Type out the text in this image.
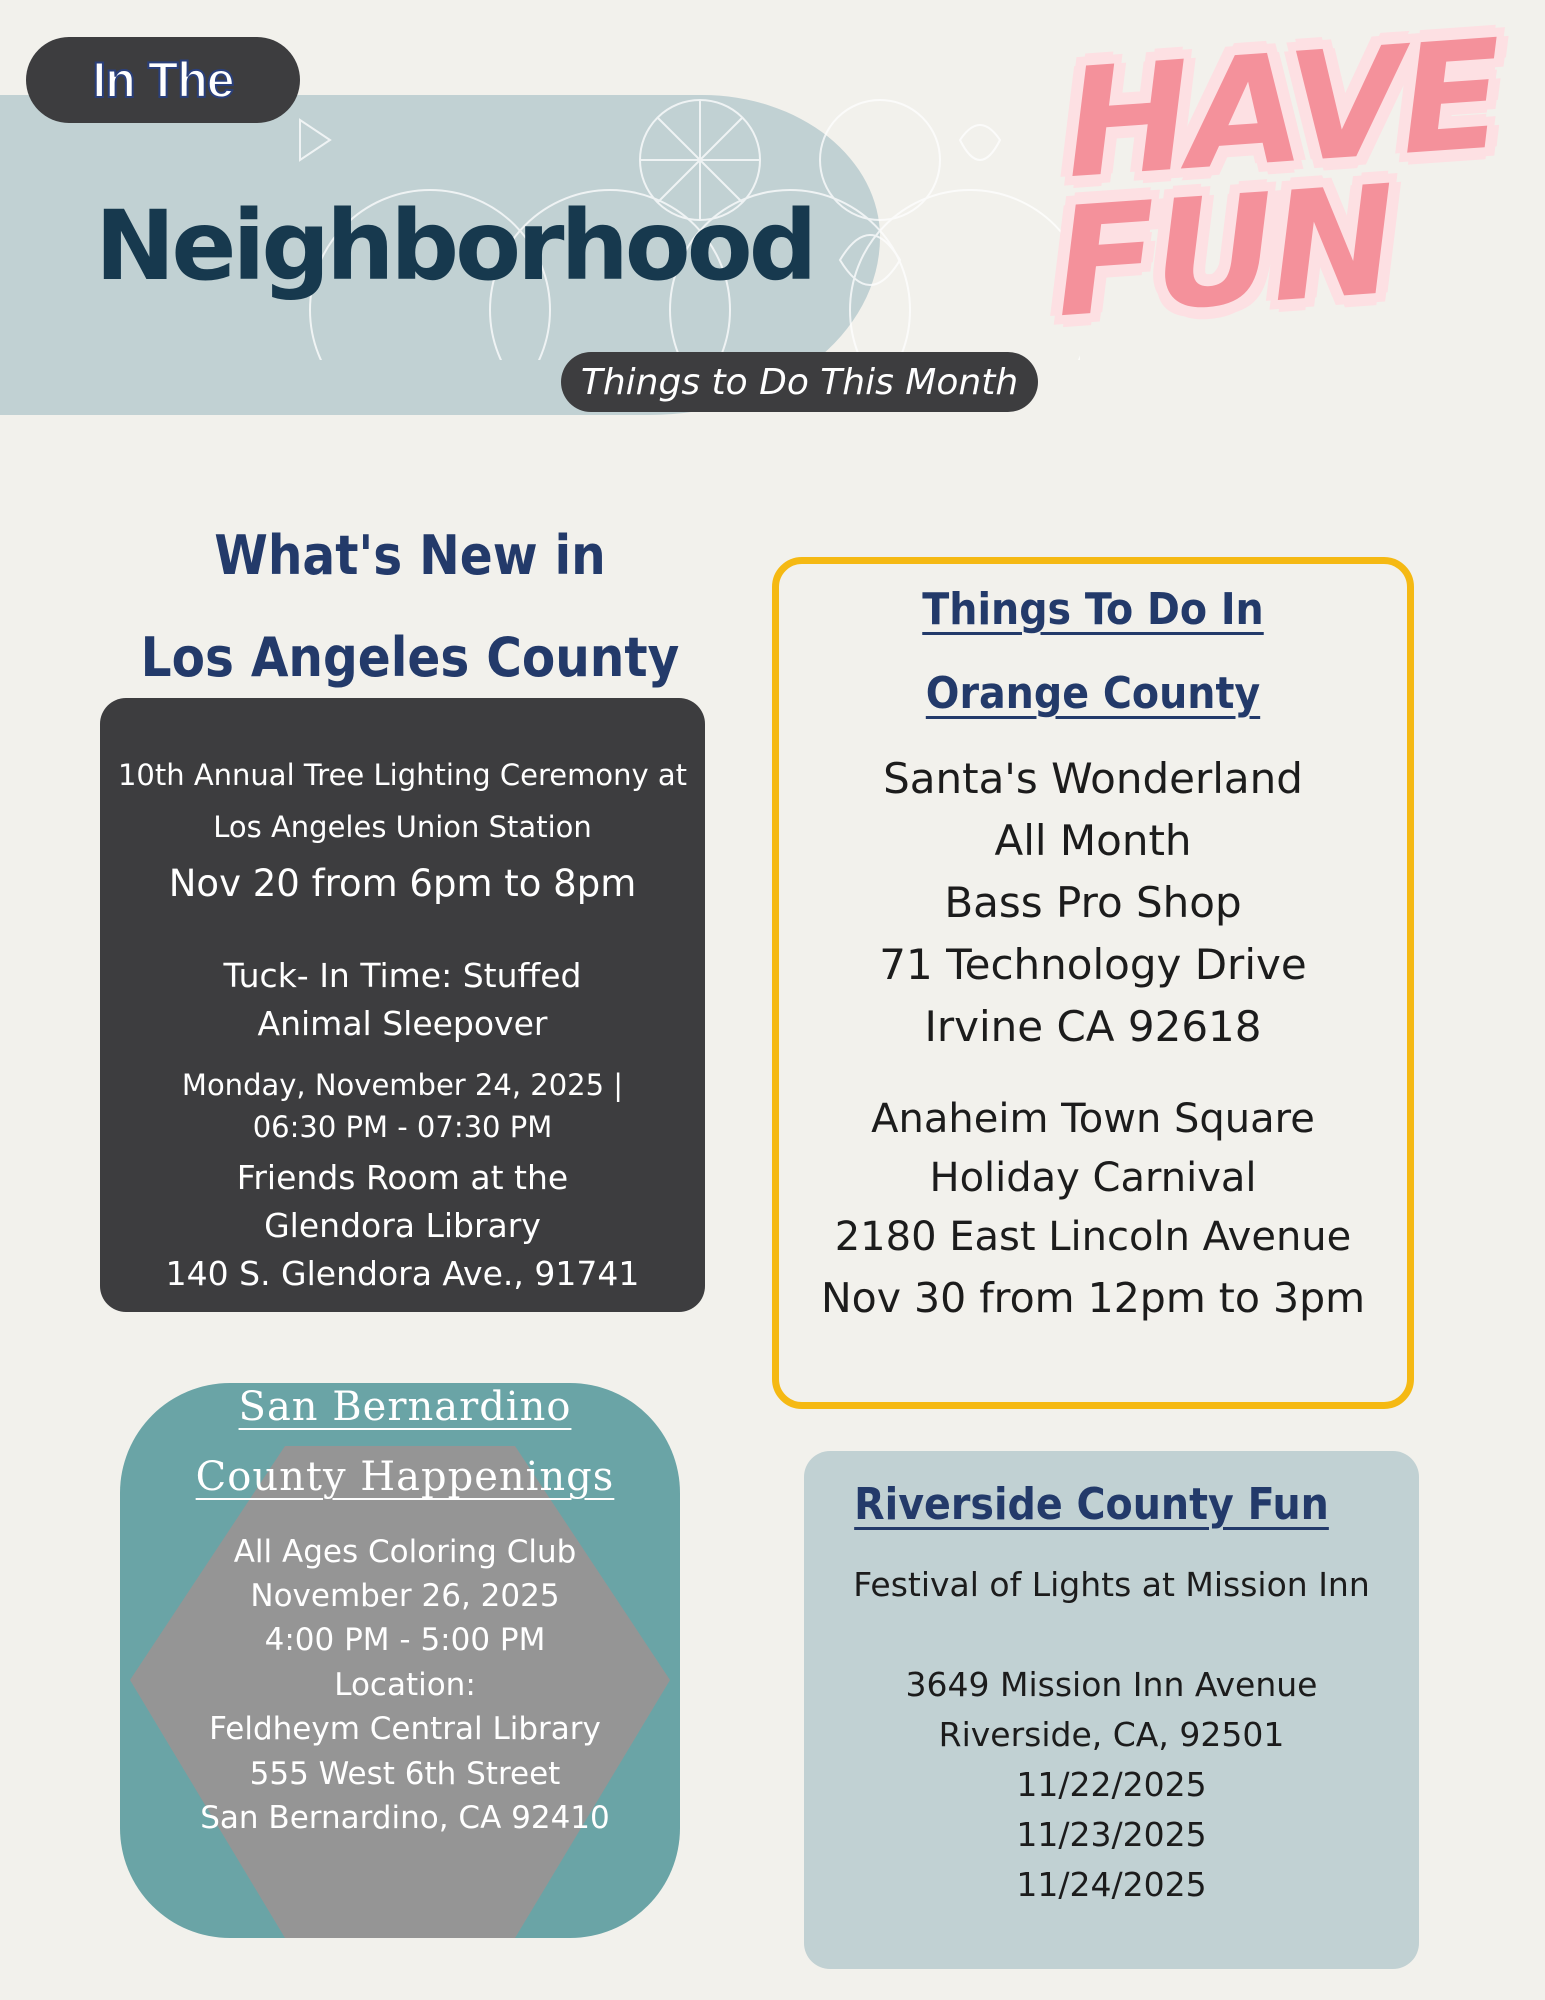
In The
Neighborhood
Things to Do This Month
HAVE
FUN
What's New in
Los Angeles County
10th Annual Tree Lighting Ceremony at
Los Angeles Union Station
Nov 20 from 6pm to 8pm
Tuck- In Time: Stuffed
Animal Sleepover
Monday, November 24, 2025 |
06:30 PM - 07:30 PM
Friends Room at the
Glendora Library
140 S. Glendora Ave., 91741
Things To Do In
Orange County
Santa's Wonderland
All Month
Bass Pro Shop
71 Technology Drive
Irvine CA 92618
Anaheim Town Square
Holiday Carnival
2180 East Lincoln Avenue
Nov 30 from 12pm to 3pm
San Bernardino
County Happenings
All Ages Coloring Club
November 26, 2025
4:00 PM - 5:00 PM
Location:
Feldheym Central Library
555 West 6th Street
San Bernardino, CA 92410
Riverside County Fun
Festival of Lights at Mission Inn
3649 Mission Inn Avenue
Riverside, CA, 92501
11/22/2025
11/23/2025
11/24/2025
